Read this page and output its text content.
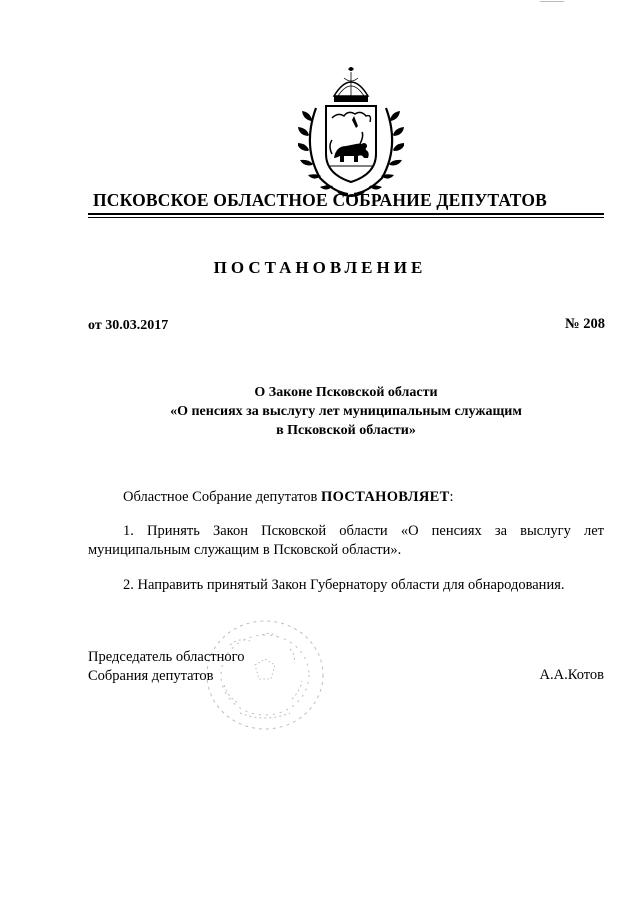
ПСКОВСКОЕ ОБЛАСТНОЕ СОБРАНИЕ ДЕПУТАТОВ
ПОСТАНОВЛЕНИЕ
от 30.03.2017	№ 208
О Законе Псковской области
«О пенсиях за выслугу лет муниципальным служащим
в Псковской области»
Областное Собрание депутатов ПОСТАНОВЛЯЕТ:
1. Принять Закон Псковской области «О пенсиях за выслугу лет муниципальным служащим в Псковской области».
2. Направить принятый Закон Губернатору области для обнародования.
Председатель областного
Собрания депутатов	А.А.Котов
